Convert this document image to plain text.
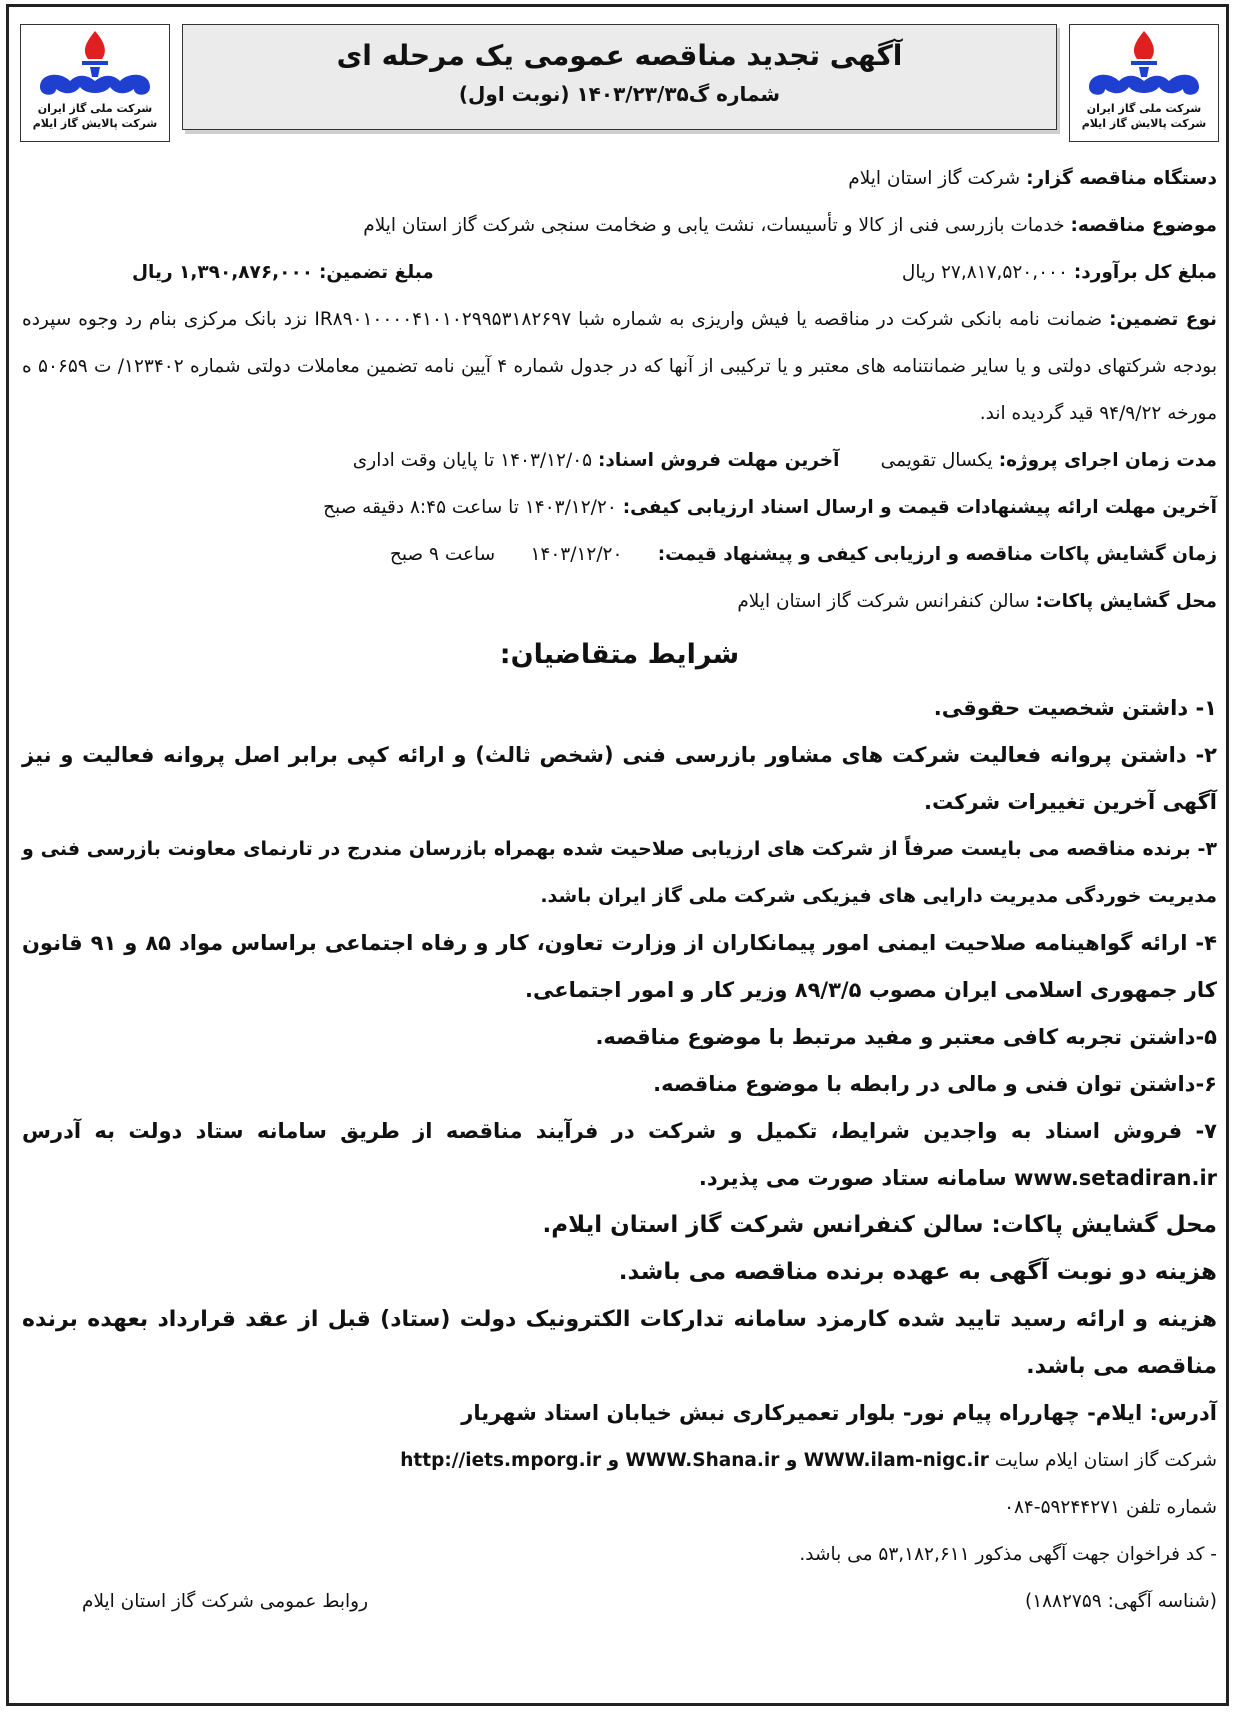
شرکت ملی گاز ایران
شرکت پالایش گاز ایلام
آگهی تجدید مناقصه عمومی یک مرحله ای
شماره گ۱۴۰۳/۲۳/۳۵ (نوبت اول)
شرکت ملی گاز ایران
شرکت پالایش گاز ایلام
دستگاه مناقصه گزار: شرکت گاز استان ایلام
موضوع مناقصه: خدمات بازرسی فنی از کالا و تأسیسات، نشت یابی و ضخامت سنجی شرکت گاز استان ایلام
مبلغ کل برآورد: ۲۷,۸۱۷,۵۲۰,۰۰۰ ریال
مبلغ تضمین: ۱,۳۹۰,۸۷۶,۰۰۰ ریال
نوع تضمین: ضمانت نامه بانکی شرکت در مناقصه یا فیش واریزی به شماره شبا IR۸۹۰۱۰۰۰۰۴۱۰۱۰۲۹۹۵۳۱۸۲۶۹۷ نزد بانک مرکزی بنام رد وجوه سپرده بودجه شرکتهای دولتی و یا سایر ضمانتنامه های معتبر و یا ترکیبی از آنها که در جدول شماره ۴ آیین نامه تضمین معاملات دولتی شماره ۱۲۳۴۰۲/ ت ۵۰۶۵۹ ه مورخه ۹۴/۹/۲۲ قید گردیده اند.
مدت زمان اجرای پروژه: یکسال تقویمی       آخرین مهلت فروش اسناد: ۱۴۰۳/۱۲/۰۵ تا پایان وقت اداری
آخرین مهلت ارائه پیشنهادات قیمت و ارسال اسناد ارزیابی کیفی: ۱۴۰۳/۱۲/۲۰ تا ساعت ۸:۴۵ دقیقه صبح
زمان گشایش پاکات مناقصه و ارزیابی کیفی و پیشنهاد قیمت:      ۱۴۰۳/۱۲/۲۰      ساعت ۹ صبح
محل گشایش پاکات: سالن کنفرانس شرکت گاز استان ایلام
شرایط متقاضیان:
۱- داشتن شخصیت حقوقی.
۲- داشتن پروانه فعالیت شرکت های مشاور بازرسی فنی (شخص ثالث) و ارائه کپی برابر اصل پروانه فعالیت و نیز آگهی آخرین تغییرات شرکت.
۳- برنده مناقصه می بایست صرفاً از شرکت های ارزیابی صلاحیت شده بهمراه بازرسان مندرج در تارنمای معاونت بازرسی فنی و مدیریت خوردگی مدیریت دارایی های فیزیکی شرکت ملی گاز ایران باشد.
۴- ارائه گواهینامه صلاحیت ایمنی امور پیمانکاران از وزارت تعاون، کار و رفاه اجتماعی براساس مواد ۸۵ و ۹۱ قانون کار جمهوری اسلامی ایران مصوب ۸۹/۳/۵ وزیر کار و امور اجتماعی.
۵-داشتن تجربه کافی معتبر و مفید مرتبط با موضوع مناقصه.
۶-داشتن توان فنی و مالی در رابطه با موضوع مناقصه.
۷- فروش اسناد به واجدین شرایط، تکمیل و شرکت در فرآیند مناقصه از طریق سامانه ستاد دولت به آدرس www.setadiran.ir سامانه ستاد صورت می پذیرد.
محل گشایش پاکات: سالن کنفرانس شرکت گاز استان ایلام.
هزینه دو نوبت آگهی به عهده برنده مناقصه می باشد.
هزینه و ارائه رسید تایید شده کارمزد سامانه تدارکات الکترونیک دولت (ستاد) قبل از عقد قرارداد بعهده برنده مناقصه می باشد.
آدرس: ایلام- چهارراه پیام نور- بلوار تعمیرکاری نبش خیابان استاد شهریار
شرکت گاز استان ایلام سایت http://iets.mporg.ir و WWW.Shana.ir و WWW.ilam-nigc.ir
شماره تلفن ۵۹۲۴۴۲۷۱-۰۸۴
- کد فراخوان جهت آگهی مذکور ۵۳,۱۸۲,۶۱۱ می باشد.
(شناسه آگهی: ۱۸۸۲۷۵۹)
روابط عمومی شرکت گاز استان ایلام
